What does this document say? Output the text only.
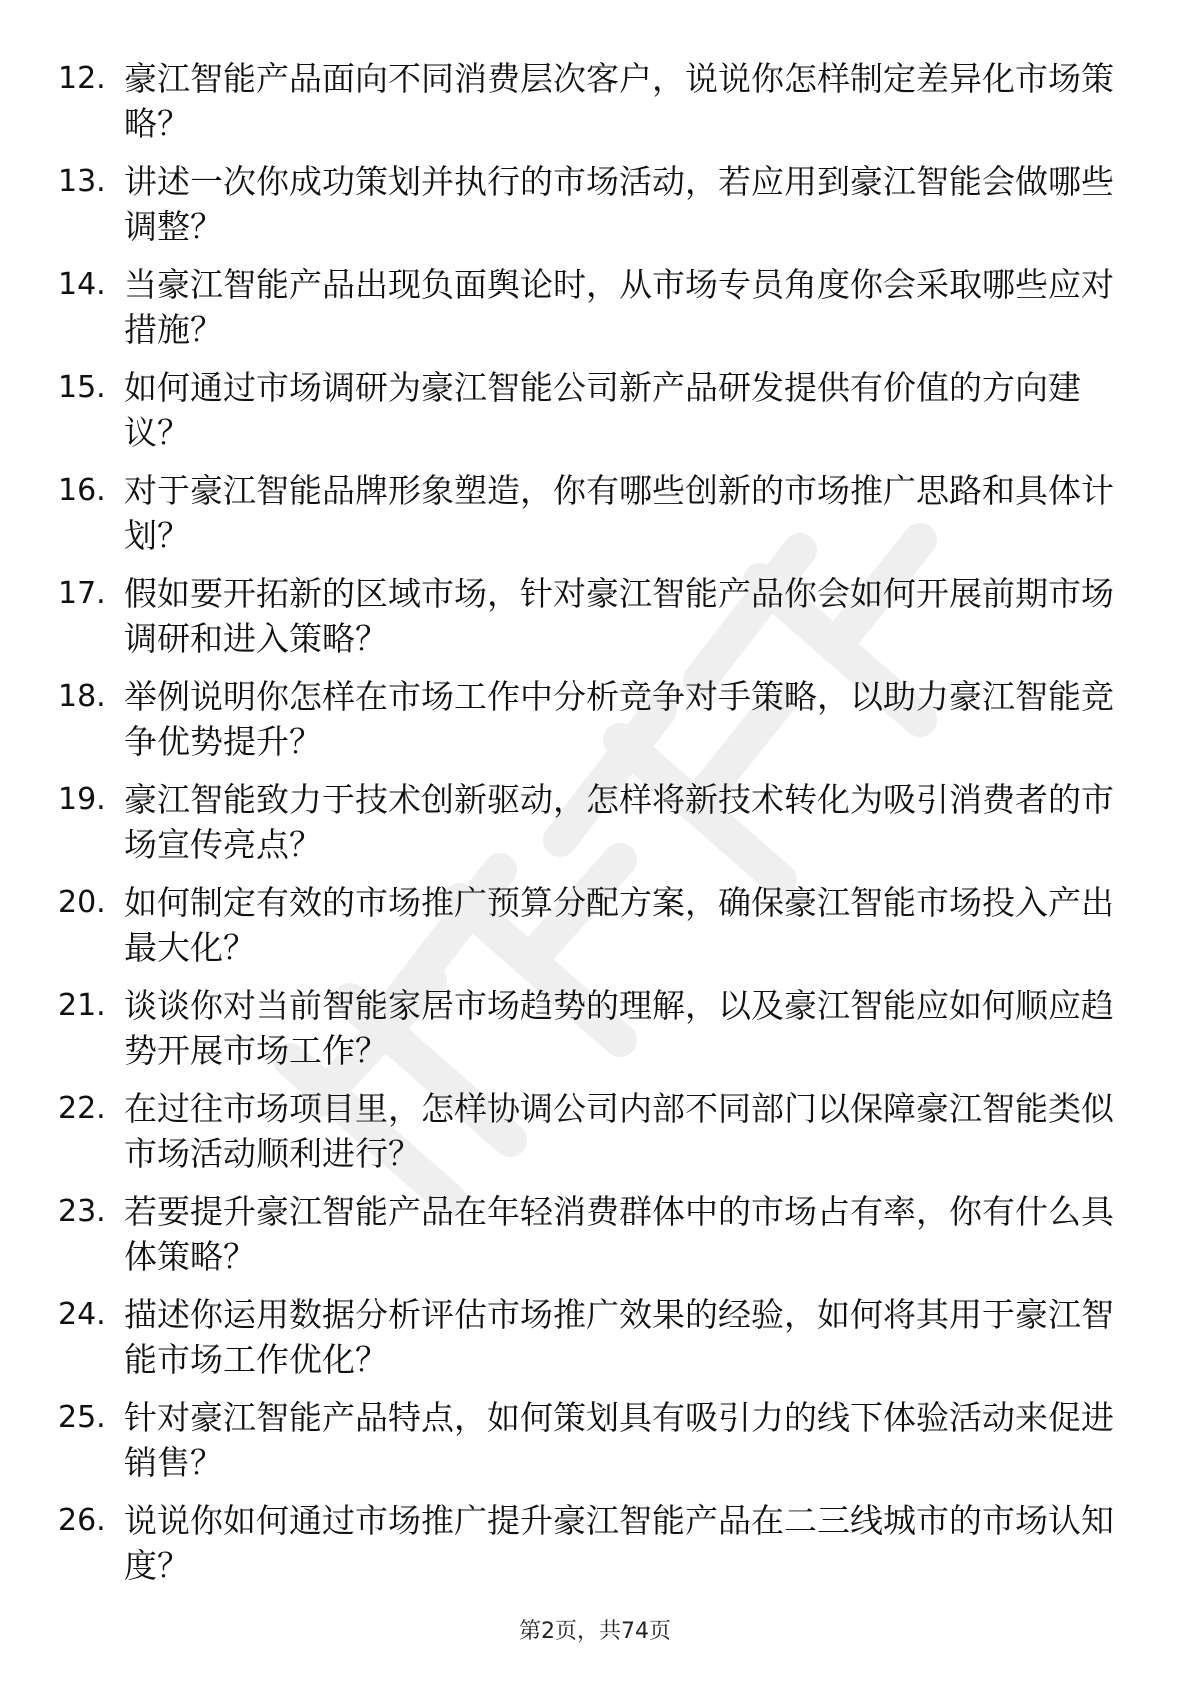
12. 豪江智能产品面向不同消费层次客户，说说你怎样制定差异化市场策略？
13. 讲述一次你成功策划并执行的市场活动，若应用到豪江智能会做哪些调整？
14. 当豪江智能产品出现负面舆论时，从市场专员角度你会采取哪些应对措施？
15. 如何通过市场调研为豪江智能公司新产品研发提供有价值的方向建议？
16. 对于豪江智能品牌形象塑造，你有哪些创新的市场推广思路和具体计划？
17. 假如要开拓新的区域市场，针对豪江智能产品你会如何开展前期市场调研和进入策略？
18. 举例说明你怎样在市场工作中分析竞争对手策略，以助力豪江智能竞争优势提升？
19. 豪江智能致力于技术创新驱动，怎样将新技术转化为吸引消费者的市场宣传亮点？
20. 如何制定有效的市场推广预算分配方案，确保豪江智能市场投入产出最大化？
21. 谈谈你对当前智能家居市场趋势的理解，以及豪江智能应如何顺应趋势开展市场工作？
22. 在过往市场项目里，怎样协调公司内部不同部门以保障豪江智能类似市场活动顺利进行？
23. 若要提升豪江智能产品在年轻消费群体中的市场占有率，你有什么具体策略？
24. 描述你运用数据分析评估市场推广效果的经验，如何将其用于豪江智能市场工作优化？
25. 针对豪江智能产品特点，如何策划具有吸引力的线下体验活动来促进销售？
26. 说说你如何通过市场推广提升豪江智能产品在二三线城市的市场认知度？
第2页，共74页
